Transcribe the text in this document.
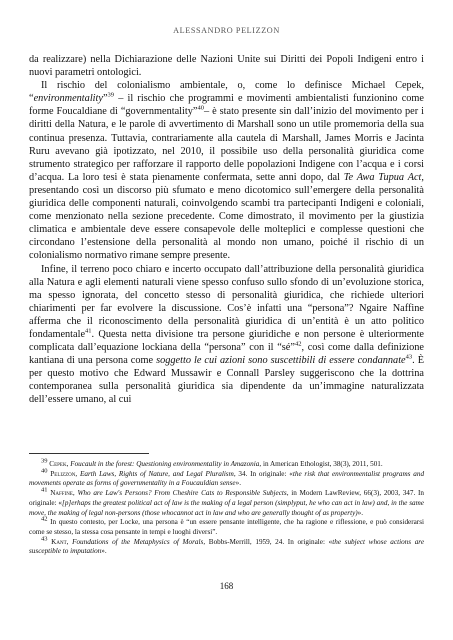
ALESSANDRO PELIZZON

da realizzare) nella Dichiarazione delle Nazioni Unite sui Diritti dei Popoli Indigeni entro i nuovi parametri ontologici.

Il rischio del colonialismo ambientale, o, come lo definisce Michael Cepek, “environmentality”$^{39}$ – il rischio che programmi e movimenti ambientalisti funzionino come forme Foucaldiane di “governmentality”$^{40}$– è stato presente sin dall’inizio del movimento per i diritti della Natura, e le parole di avvertimento di Marshall sono un utile promemoria della sua continua presenza. Tuttavia, contrariamente alla cautela di Marshall, James Morris e Jacinta Ruru avevano già ipotizzato, nel 2010, il possibile uso della personalità giuridica come strumento strategico per rafforzare il rapporto delle popolazioni Indigene con l’acqua e i corsi d’acqua. La loro tesi è stata pienamente confermata, sette anni dopo, dal Te Awa Tupua Act, presentando così un discorso più sfumato e meno dicotomico sull’emergere della personalità giuridica delle componenti naturali, coinvolgendo scambi tra partecipanti Indigeni e coloniali, come menzionato nella sezione precedente. Come dimostrato, il movimento per la giustizia climatica e ambientale deve essere consapevole delle molteplici e complesse questioni che circondano l’estensione della personalità al mondo non umano, poiché il rischio di un colonialismo normativo rimane sempre presente.

Infine, il terreno poco chiaro e incerto occupato dall’attribuzione della personalità giuridica alla Natura e agli elementi naturali viene spesso confuso sullo sfondo di un’evoluzione storica, ma spesso ignorata, del concetto stesso di personalità giuridica, che richiede ulteriori chiarimenti per far evolvere la discussione. Cos’è infatti una “persona”? Ngaire Naffine afferma che il riconoscimento della personalità giuridica di un’entità è un atto politico fondamentale$^{41}$. Questa netta divisione tra persone giuridiche e non persone è ulteriormente complicata dall’equazione lockiana della “persona” con il “sé”$^{42}$, così come dalla definizione kantiana di una persona come soggetto le cui azioni sono suscettibili di essere condannate$^{43}$. È per questo motivo che Edward Mussawir e Connall Parsley suggeriscono che la dottrina contemporanea sulla personalità giuridica sia dipendente da un’immagine naturalizzata dell’essere umano, al cui

$^{39}$ Cepek, Foucault in the forest: Questioning environmentality in Amazonia, in American Ethologist, 38(3), 2011, 501.

$^{40}$ Pelizzon, Earth Laws, Rights of Nature, and Legal Pluralism, 34. In originale: «the risk that environmentalist programs and movements operate as forms of governmentality in a Foucauldian sense».

$^{41}$ Naffine, Who are Law's Persons? From Cheshire Cats to Responsible Subjects, in Modern LawReview, 66(3), 2003, 347. In originale: «[p]erhaps the greatest political act of law is the making of a legal person (simplyput, he who can act in law) and, in the same move, the making of legal non-persons (those whocannot act in law and who are generally thought of as property)».

$^{42}$ In questo contesto, per Locke, una persona è “un essere pensante intelligente, che ha ragione e riflessione, e può considerarsi come se stesso, la stessa cosa pensante in tempi e luoghi diversi”.

$^{43}$ Kant, Foundations of the Metaphysics of Morals, Bobbs-Merrill, 1959, 24. In originale: «the subject whose actions are susceptible to imputation».

168
